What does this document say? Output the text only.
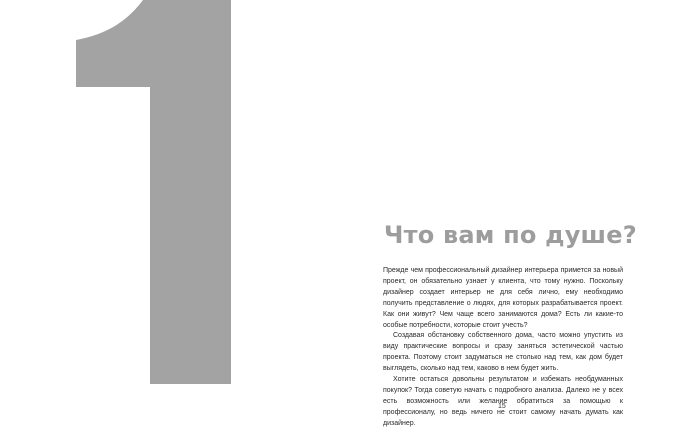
Что вам по душе?

Прежде чем профессиональный дизайнер интерьера примется за новый проект, он обязательно узнает у клиента, что тому нужно. Поскольку дизайнер создает интерьер не для себя лично, ему необходимо получить представление о людях, для которых разрабатывается проект. Как они живут? Чем чаще всего занимаются дома? Есть ли какие-то особые потребности, которые стоит учесть?

Создавая обстановку собственного дома, часто можно упустить из виду практические вопросы и сразу заняться эстетической частью проекта. Поэтому стоит задуматься не столько над тем, как дом будет выглядеть, сколько над тем, каково в нем будет жить.

Хотите остаться довольны результатом и избежать необдуманных покупок? Тогда советую начать с подробного анализа. Далеко не у всех есть возможность или желание обратиться за помощью к профессионалу, но ведь ничего не стоит самому начать думать как дизайнер.

15
